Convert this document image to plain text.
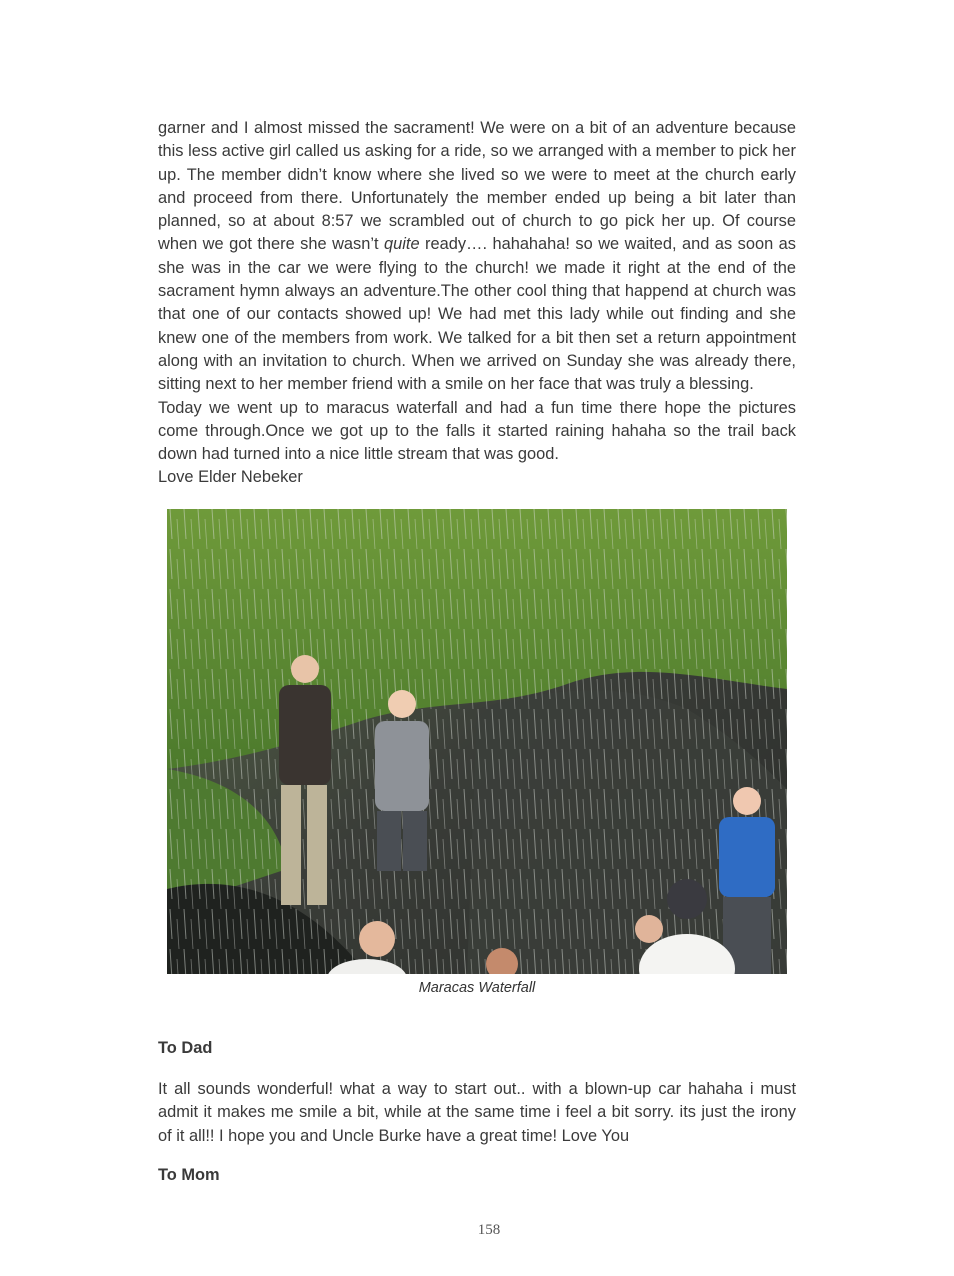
garner and I almost missed the sacrament! We were on a bit of an adventure because this less active girl called us asking for a ride, so we arranged with a member to pick her up. The member didn’t know where she lived so we were to meet at the church early and proceed from there. Unfortunately the member ended up being a bit later than planned, so at about 8:57 we scrambled out of church to go pick her up. Of course when we got there she wasn’t quite ready…. hahahaha! so we waited, and as soon as she was in the car we were flying to the church! we made it right at the end of the sacrament hymn always an adventure.The other cool thing that happend at church was that one of our contacts showed up! We had met this lady while out finding and she knew one of the members from work. We talked for a bit then set a return appointment along with an invitation to church. When we arrived on Sunday she was already there, sitting next to her member friend with a smile on her face that was truly a blessing.

Today we went up to maracus waterfall and had a fun time there hope the pictures come through.Once we got up to the falls it started raining hahaha so the trail back down had turned into a nice little stream that was good.

Love Elder Nebeker

Maracas Waterfall
To Dad

It all sounds wonderful! what a way to start out.. with a blown-up car hahaha i must admit it makes me smile a bit, while at the same time i feel a bit sorry. its just the irony of it all!! I hope you and Uncle Burke have a great time! Love You

To Mom
158
